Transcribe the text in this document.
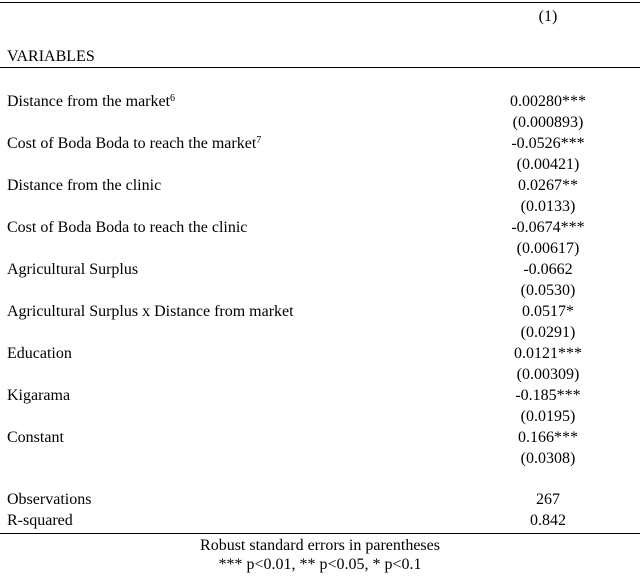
(1)
VARIABLES
Distance from the market$^6$	0.00280***
(0.000893)
Cost of Boda Boda to reach the market$^7$	-0.0526***
(0.00421)
Distance from the clinic	0.0267**
(0.0133)
Cost of Boda Boda to reach the clinic	-0.0674***
(0.00617)
Agricultural Surplus	-0.0662
(0.0530)
Agricultural Surplus x Distance from market	0.0517*
(0.0291)
Education	0.0121***
(0.00309)
Kigarama	-0.185***
(0.0195)
Constant	0.166***
(0.0308)
Observations	267
R-squared	0.842
Robust standard errors in parentheses
*** p<0.01, ** p<0.05, * p<0.1
